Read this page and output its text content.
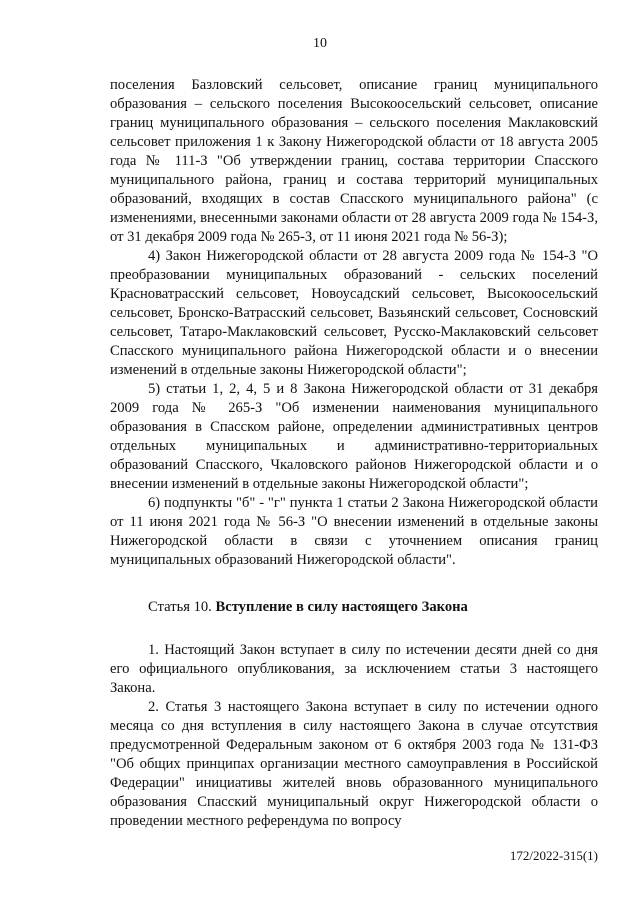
10

поселения Базловский сельсовет, описание границ муниципального образования – сельского поселения Высокоосельский сельсовет, описание границ муниципального образования – сельского поселения Маклаковский сельсовет приложения 1 к Закону Нижегородской области от 18 августа 2005 года № 111-З "Об утверждении границ, состава территории Спасского муниципального района, границ и состава территорий муниципальных образований, входящих в состав Спасского муниципального района" (с изменениями, внесенными законами области от 28 августа 2009 года № 154-З, от 31 декабря 2009 года № 265-З, от 11 июня 2021 года № 56-З);

4) Закон Нижегородской области от 28 августа 2009 года № 154-З "О преобразовании муниципальных образований - сельских поселений Красноватрасский сельсовет, Новоусадский сельсовет, Высокоосельский сельсовет, Бронско-Ватрасский сельсовет, Вазьянский сельсовет, Сосновский сельсовет, Татаро-Маклаковский сельсовет, Русско-Маклаковский сельсовет Спасского муниципального района Нижегородской области и о внесении изменений в отдельные законы Нижегородской области";

5) статьи 1, 2, 4, 5 и 8 Закона Нижегородской области от 31 декабря 2009 года № 265-З "Об изменении наименования муниципального образования в Спасском районе, определении административных центров отдельных муниципальных и административно-территориальных образований Спасского, Чкаловского районов Нижегородской области и о внесении изменений в отдельные законы Нижегородской области";

6) подпункты "б" - "г" пункта 1 статьи 2 Закона Нижегородской области от 11 июня 2021 года № 56-З "О внесении изменений в отдельные законы Нижегородской области в связи с уточнением описания границ муниципальных образований Нижегородской области".

Статья 10. Вступление в силу настоящего Закона

1. Настоящий Закон вступает в силу по истечении десяти дней со дня его официального опубликования, за исключением статьи 3 настоящего Закона.

2. Статья 3 настоящего Закона вступает в силу по истечении одного месяца со дня вступления в силу настоящего Закона в случае отсутствия предусмотренной Федеральным законом от 6 октября 2003 года № 131-ФЗ "Об общих принципах организации местного самоуправления в Российской Федерации" инициативы жителей вновь образованного муниципального образования Спасский муниципальный округ Нижегородской области о проведении местного референдума по вопросу

172/2022-315(1)
